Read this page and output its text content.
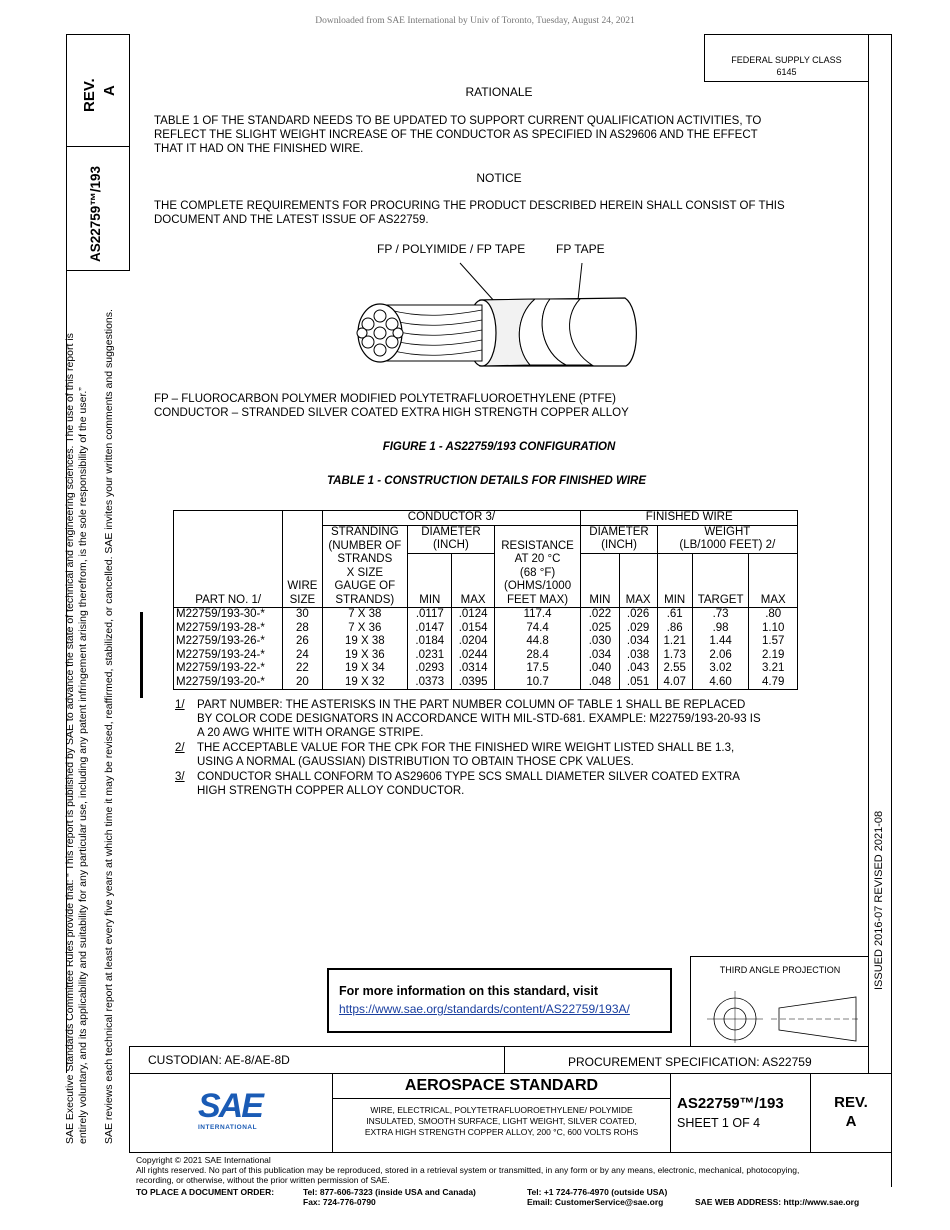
Downloaded from SAE International by Univ of Toronto, Tuesday, August 24, 2021
REV. A
AS22759™/193
SAE Executive Standards Committee Rules provide that: “ This report is published by SAE to advance the state of technical and engineering sciences. The use of this report is entirely voluntary, and its applicability and suitability for any particular use, including any patent infringement arising therefrom, is the sole responsibility of the user.” SAE reviews each technical report at least every five years at which time it may be revised, reaffirmed, stabilized, or cancelled. SAE invites your written comments and suggestions.	ISSUED 2016-07 REVISED 2021-08
FEDERAL SUPPLY CLASS
6145
RATIONALE
TABLE 1 OF THE STANDARD NEEDS TO BE UPDATED TO SUPPORT CURRENT QUALIFICATION ACTIVITIES, TO
REFLECT THE SLIGHT WEIGHT INCREASE OF THE CONDUCTOR AS SPECIFIED IN AS29606 AND THE EFFECT
THAT IT HAD ON THE FINISHED WIRE.
NOTICE
THE COMPLETE REQUIREMENTS FOR PROCURING THE PRODUCT DESCRIBED HEREIN SHALL CONSIST OF THIS
DOCUMENT AND THE LATEST ISSUE OF AS22759.
FP / POLYIMIDE / FP TAPE	FP TAPE
FP – FLUOROCARBON POLYMER MODIFIED POLYTETRAFLUOROETHYLENE (PTFE)
CONDUCTOR – STRANDED SILVER COATED EXTRA HIGH STRENGTH COPPER ALLOY
FIGURE 1 - AS22759/193 CONFIGURATION
TABLE 1 - CONSTRUCTION DETAILS FOR FINISHED WIRE
		CONDUCTOR 3/				FINISHED WIRE				
		STRANDING	DIAMETER			DIAMETER		WEIGHT		
		(NUMBER OF	(INCH)		RESISTANCE	(INCH)		(LB/1000 FEET) 2/		
		STRANDS			AT 20 °C					
		X SIZE			(68 °F)					
	WIRE	GAUGE OF			(OHMS/1000					
PART NO. 1/	SIZE	STRANDS)	MIN	MAX	FEET MAX)	MIN	MAX	MIN	TARGET	MAX
M22759/193-30-*	30	7 X 38	.0117	.0124	117.4	.022	.026	.61	.73	.80
M22759/193-28-*	28	7 X 36	.0147	.0154	74.4	.025	.029	.86	.98	1.10
M22759/193-26-*	26	19 X 38	.0184	.0204	44.8	.030	.034	1.21	1.44	1.57
M22759/193-24-*	24	19 X 36	.0231	.0244	28.4	.034	.038	1.73	2.06	2.19
M22759/193-22-*	22	19 X 34	.0293	.0314	17.5	.040	.043	2.55	3.02	3.21
M22759/193-20-*	20	19 X 32	.0373	.0395	10.7	.048	.051	4.07	4.60	4.79
1/ PART NUMBER: THE ASTERISKS IN THE PART NUMBER COLUMN OF TABLE 1 SHALL BE REPLACED
BY COLOR CODE DESIGNATORS IN ACCORDANCE WITH MIL-STD-681. EXAMPLE: M22759/193-20-93 IS
A 20 AWG WHITE WITH ORANGE STRIPE.
2/ THE ACCEPTABLE VALUE FOR THE CPK FOR THE FINISHED WIRE WEIGHT LISTED SHALL BE 1.3,
USING A NORMAL (GAUSSIAN) DISTRIBUTION TO OBTAIN THOSE CPK VALUES.
3/ CONDUCTOR SHALL CONFORM TO AS29606 TYPE SCS SMALL DIAMETER SILVER COATED EXTRA
HIGH STRENGTH COPPER ALLOY CONDUCTOR.
For more information on this standard, visit
https://www.sae.org/standards/content/AS22759/193A/
THIRD ANGLE PROJECTION
CUSTODIAN: AE-8/AE-8D	PROCUREMENT SPECIFICATION: AS22759
SAE
INTERNATIONAL
AEROSPACE STANDARD
WIRE, ELECTRICAL, POLYTETRAFLUOROETHYLENE/ POLYMIDE
INSULATED, SMOOTH SURFACE, LIGHT WEIGHT, SILVER COATED,
EXTRA HIGH STRENGTH COPPER ALLOY, 200 °C, 600 VOLTS ROHS
AS22759™/193
SHEET 1 OF 4
REV.
A
Copyright © 2021 SAE International
All rights reserved. No part of this publication may be reproduced, stored in a retrieval system or transmitted, in any form or by any means, electronic, mechanical, photocopying,
recording, or otherwise, without the prior written permission of SAE.
TO PLACE A DOCUMENT ORDER:	Tel: 877-606-7323 (inside USA and Canada)
Fax: 724-776-0790
Tel: +1 724-776-4970 (outside USA)
Email: CustomerService@sae.org	SAE WEB ADDRESS: http://www.sae.org
